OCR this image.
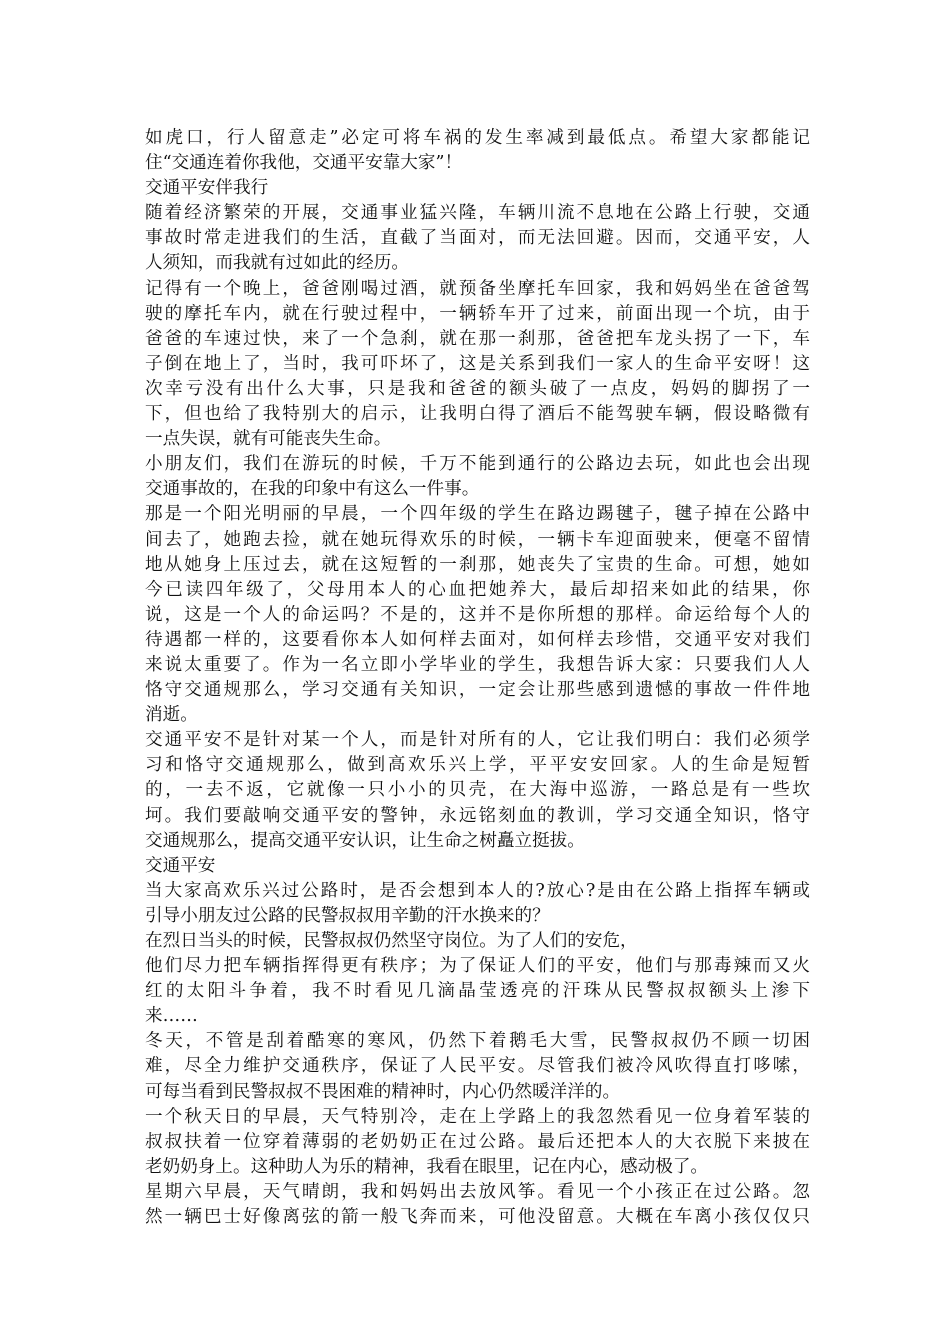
如虎口，行人留意走”必定可将车祸的发生率减到最低点。希望大家都能记
住“交通连着你我他，交通平安靠大家”！
交通平安伴我行
随着经济繁荣的开展，交通事业猛兴隆，车辆川流不息地在公路上行驶，交通
事故时常走进我们的生活，直截了当面对，而无法回避。因而，交通平安，人
人须知，而我就有过如此的经历。
记得有一个晚上，爸爸刚喝过酒，就预备坐摩托车回家，我和妈妈坐在爸爸驾
驶的摩托车内，就在行驶过程中，一辆轿车开了过来，前面出现一个坑，由于
爸爸的车速过快，来了一个急刹，就在那一刹那，爸爸把车龙头拐了一下，车
子倒在地上了，当时，我可吓坏了，这是关系到我们一家人的生命平安呀！这
次幸亏没有出什么大事，只是我和爸爸的额头破了一点皮，妈妈的脚拐了一
下，但也给了我特别大的启示，让我明白得了酒后不能驾驶车辆，假设略微有
一点失误，就有可能丧失生命。
小朋友们，我们在游玩的时候，千万不能到通行的公路边去玩，如此也会出现
交通事故的，在我的印象中有这么一件事。
那是一个阳光明丽的早晨，一个四年级的学生在路边踢毽子，毽子掉在公路中
间去了，她跑去捡，就在她玩得欢乐的时候，一辆卡车迎面驶来，便毫不留情
地从她身上压过去，就在这短暂的一刹那，她丧失了宝贵的生命。可想，她如
今已读四年级了，父母用本人的心血把她养大，最后却招来如此的结果，你
说，这是一个人的命运吗？不是的，这并不是你所想的那样。命运给每个人的
待遇都一样的，这要看你本人如何样去面对，如何样去珍惜，交通平安对我们
来说太重要了。作为一名立即小学毕业的学生，我想告诉大家：只要我们人人
恪守交通规那么，学习交通有关知识，一定会让那些感到遗憾的事故一件件地
消逝。
交通平安不是针对某一个人，而是针对所有的人，它让我们明白：我们必须学
习和恪守交通规那么，做到高欢乐兴上学，平平安安回家。人的生命是短暂
的，一去不返，它就像一只小小的贝壳，在大海中巡游，一路总是有一些坎
坷。我们要敲响交通平安的警钟，永远铭刻血的教训，学习交通全知识，恪守
交通规那么，提高交通平安认识，让生命之树矗立挺拔。
交通平安
当大家高欢乐兴过公路时，是否会想到本人的?放心?是由在公路上指挥车辆或
引导小朋友过公路的民警叔叔用辛勤的汗水换来的？
在烈日当头的时候，民警叔叔仍然坚守岗位。为了人们的安危，
他们尽力把车辆指挥得更有秩序；为了保证人们的平安，他们与那毒辣而又火
红的太阳斗争着，我不时看见几滴晶莹透亮的汗珠从民警叔叔额头上渗下
来……
冬天，不管是刮着酷寒的寒风，仍然下着鹅毛大雪，民警叔叔仍不顾一切困
难，尽全力维护交通秩序，保证了人民平安。尽管我们被冷风吹得直打哆嗦，
可每当看到民警叔叔不畏困难的精神时，内心仍然暖洋洋的。
一个秋天日的早晨，天气特别冷，走在上学路上的我忽然看见一位身着军装的
叔叔扶着一位穿着薄弱的老奶奶正在过公路。最后还把本人的大衣脱下来披在
老奶奶身上。这种助人为乐的精神，我看在眼里，记在内心，感动极了。
星期六早晨，天气晴朗，我和妈妈出去放风筝。看见一个小孩正在过公路。忽
然一辆巴士好像离弦的箭一般飞奔而来，可他没留意。大概在车离小孩仅仅只
